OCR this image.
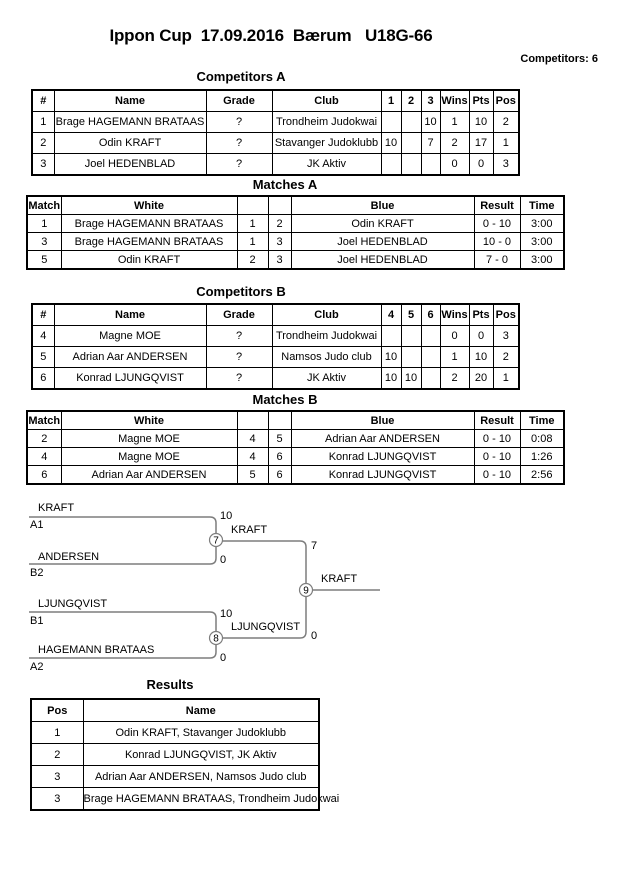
Ippon Cup  17.09.2016  Bærum   U18G-66
Competitors: 6
Competitors A
#	Name	Grade	Club	1	2	3	Wins	Pts	Pos
1	Brage HAGEMANN BRATAAS	?	Trondheim Judokwai			10	1	10	2
2	Odin KRAFT	?	Stavanger Judoklubb	10		7	2	17	1
3	Joel HEDENBLAD	?	JK Aktiv				0	0	3
Matches A
Match	White			Blue	Result	Time
1	Brage HAGEMANN BRATAAS	1	2	Odin KRAFT	0 - 10	3:00
3	Brage HAGEMANN BRATAAS	1	3	Joel HEDENBLAD	10 - 0	3:00
5	Odin KRAFT	2	3	Joel HEDENBLAD	7 - 0	3:00
Competitors B
#	Name	Grade	Club	4	5	6	Wins	Pts	Pos
4	Magne MOE	?	Trondheim Judokwai				0	0	3
5	Adrian Aar ANDERSEN	?	Namsos Judo club	10			1	10	2
6	Konrad LJUNGQVIST	?	JK Aktiv	10	10		2	20	1
Matches B
Match	White			Blue	Result	Time
2	Magne MOE	4	5	Adrian Aar ANDERSEN	0 - 10	0:08
4	Magne MOE	4	6	Konrad LJUNGQVIST	0 - 10	1:26
6	Adrian Aar ANDERSEN	5	6	Konrad LJUNGQVIST	0 - 10	2:56
7
8
9
KRAFT
A1
10
ANDERSEN
B2
0
KRAFT
7
LJUNGQVIST
B1
10
HAGEMANN BRATAAS
A2
0
LJUNGQVIST
0
KRAFT
Results
Pos	Name
1	Odin KRAFT, Stavanger Judoklubb
2	Konrad LJUNGQVIST, JK Aktiv
3	Adrian Aar ANDERSEN, Namsos Judo club
3	Brage HAGEMANN BRATAAS, Trondheim Judokwai
